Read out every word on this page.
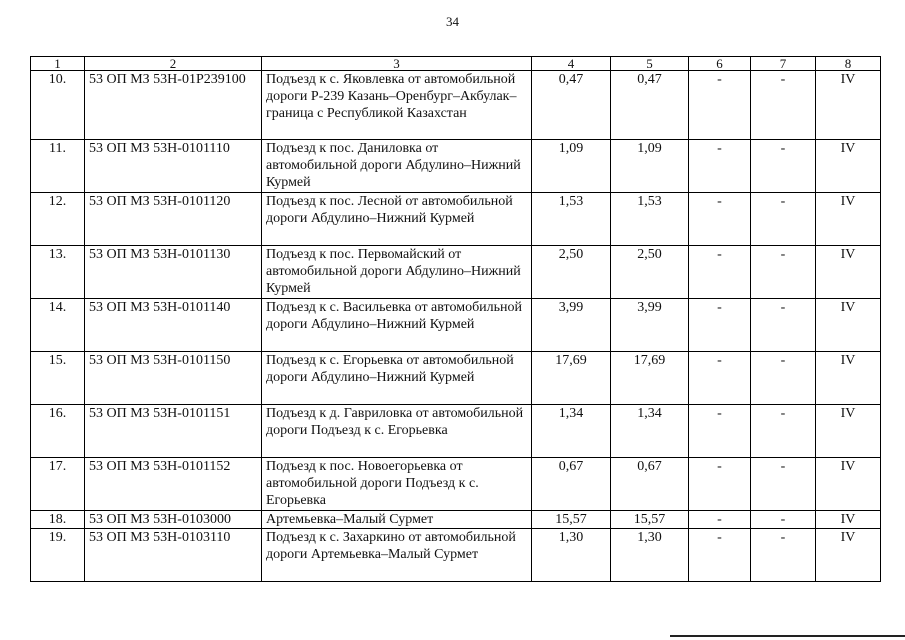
34
1	2	3	4	5	6	7	8
10.	53 ОП МЗ 53Н-01Р239100	Подъезд к с. Яковлевка от автомобильной дороги Р-239 Казань–Оренбург–Акбулак–граница с Республикой Казахстан	0,47	0,47	-	-	IV
11.	53 ОП МЗ 53Н-0101110	Подъезд к пос. Даниловка от автомобильной дороги Абдулино–Нижний Курмей	1,09	1,09	-	-	IV
12.	53 ОП МЗ 53Н-0101120	Подъезд к пос. Лесной от автомобильной дороги Абдулино–Нижний Курмей	1,53	1,53	-	-	IV
13.	53 ОП МЗ 53Н-0101130	Подъезд к пос. Первомайский от автомобильной дороги Абдулино–Нижний Курмей	2,50	2,50	-	-	IV
14.	53 ОП МЗ 53Н-0101140	Подъезд к с. Васильевка от автомобильной дороги Абдулино–Нижний Курмей	3,99	3,99	-	-	IV
15.	53 ОП МЗ 53Н-0101150	Подъезд к с. Егорьевка от автомобильной дороги Абдулино–Нижний Курмей	17,69	17,69	-	-	IV
16.	53 ОП МЗ 53Н-0101151	Подъезд к д. Гавриловка от автомобильной дороги Подъезд к с. Егорьевка	1,34	1,34	-	-	IV
17.	53 ОП МЗ 53Н-0101152	Подъезд к пос. Новоегорьевка от автомобильной дороги Подъезд к с. Егорьевка	0,67	0,67	-	-	IV
18.	53 ОП МЗ 53Н-0103000	Артемьевка–Малый Сурмет	15,57	15,57	-	-	IV
19.	53 ОП МЗ 53Н-0103110	Подъезд к с. Захаркино от автомобильной дороги Артемьевка–Малый Сурмет	1,30	1,30	-	-	IV
